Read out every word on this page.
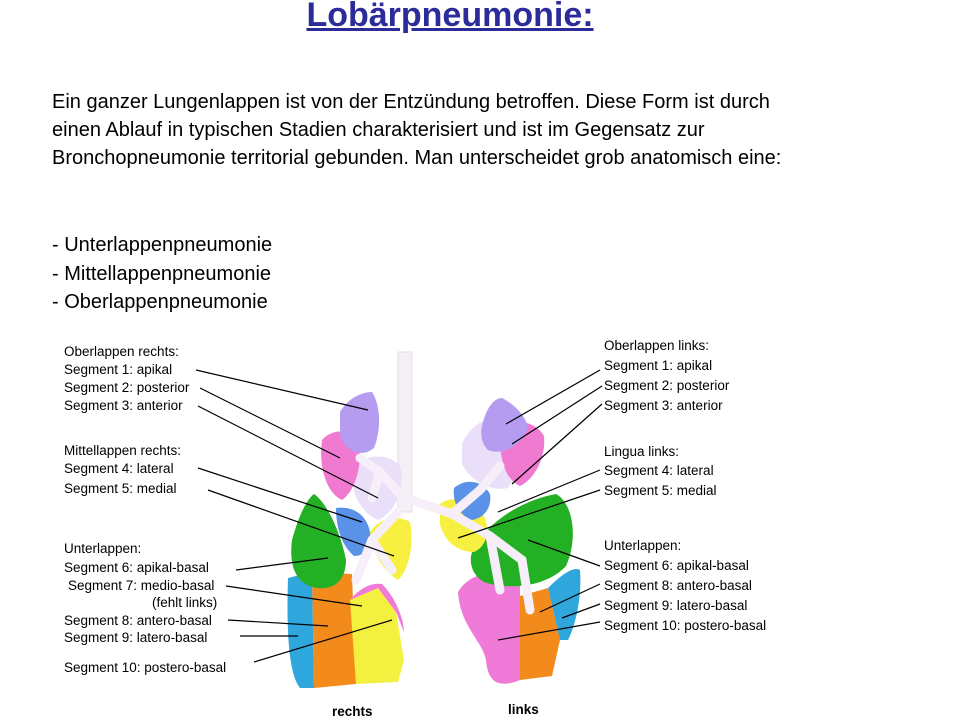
Lobärpneumonie:

Ein ganzer Lungenlappen ist von der Entzündung betroffen. Diese Form ist durch einen Ablauf in typischen Stadien charakterisiert und ist im Gegensatz zur Bronchopneumonie territorial gebunden. Man unterscheidet grob anatomisch eine:

- Unterlappenpneumonie
- Mittellappenpneumonie
- Oberlappenpneumonie
Oberlappen rechts:
Segment 1: apikal
Segment 2: posterior
Segment 3: anterior
Mittellappen rechts:
Segment 4: lateral
Segment 5: medial
Unterlappen:
Segment 6: apikal-basal
Segment 7: medio-basal
(fehlt links)
Segment 8: antero-basal
Segment 9: latero-basal
Segment 10: postero-basal
Oberlappen links:
Segment 1: apikal
Segment 2: posterior
Segment 3: anterior
Lingua links:
Segment 4: lateral
Segment 5: medial
Unterlappen:
Segment 6: apikal-basal
Segment 8: antero-basal
Segment 9: latero-basal
Segment 10: postero-basal
rechts	links
